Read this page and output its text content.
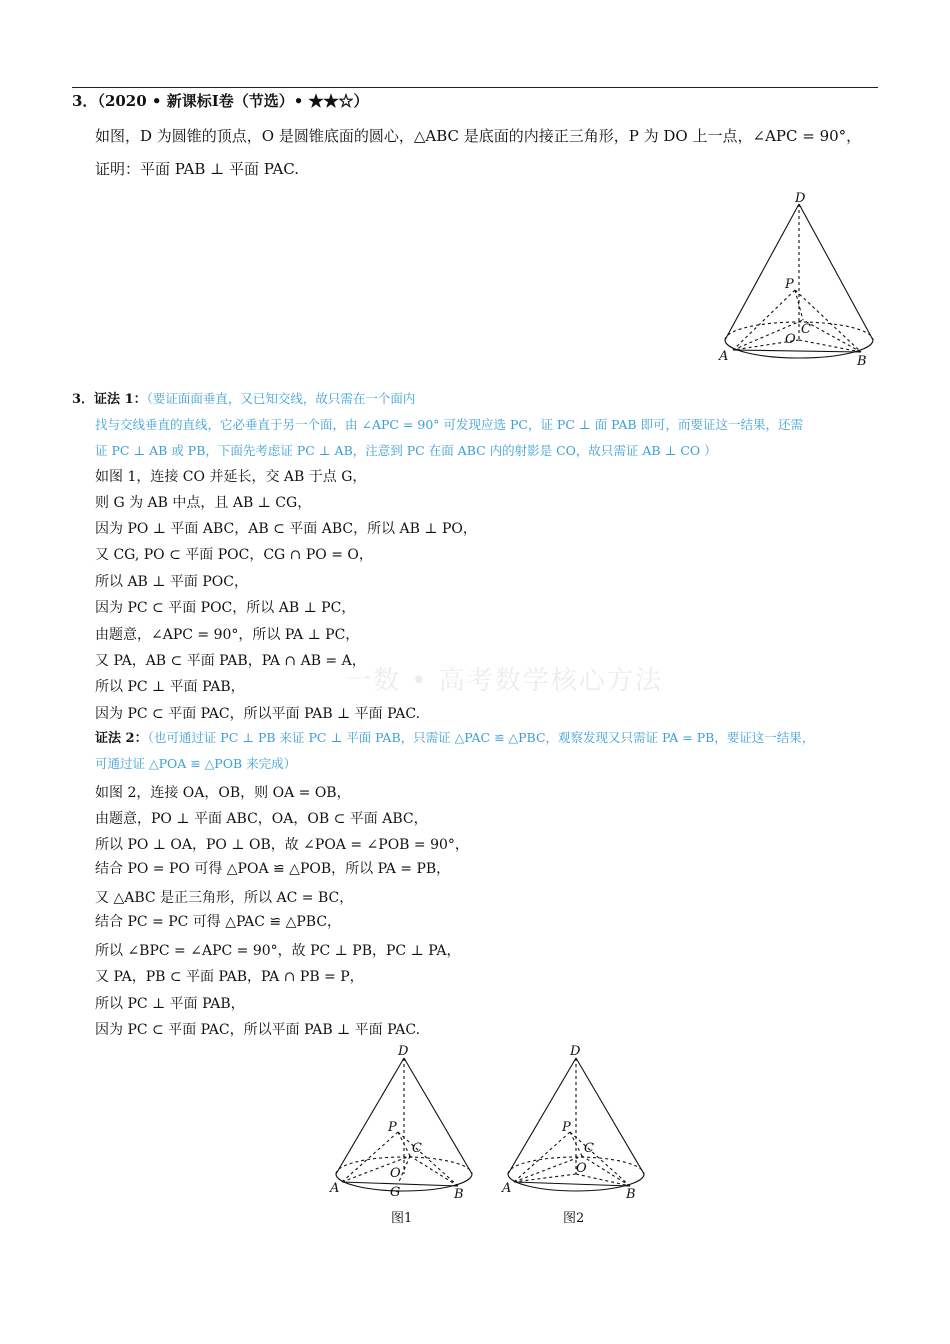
3．（2020 • 新课标Ⅰ卷（节选）• ★★☆）
如图，D 为圆锥的顶点，O 是圆锥底面的圆心，△ABC 是底面的内接正三角形，P 为 DO 上一点，∠APC = 90°，
证明：平面 PAB ⊥ 平面 PAC.
D
P
C
O
A	B
3．证法 1：（要证面面垂直，又已知交线，故只需在一个面内
找与交线垂直的直线，它必垂直于另一个面，由 ∠APC = 90° 可发现应选 PC，证 PC ⊥ 面 PAB 即可，而要证这一结果，还需
证 PC ⊥ AB 或 PB，下面先考虑证 PC ⊥ AB，注意到 PC 在面 ABC 内的射影是 CO，故只需证 AB ⊥ CO ）
如图 1，连接 CO 并延长，交 AB 于点 G，
则 G 为 AB 中点，且 AB ⊥ CG，
因为 PO ⊥ 平面 ABC，AB ⊂ 平面 ABC，所以 AB ⊥ PO，
又 CG, PO ⊂ 平面 POC，CG ∩ PO = O，
所以 AB ⊥ 平面 POC，
因为 PC ⊂ 平面 POC，所以 AB ⊥ PC，
由题意，∠APC = 90°，所以 PA ⊥ PC，
又 PA，AB ⊂ 平面 PAB，PA ∩ AB = A，
所以 PC ⊥ 平面 PAB，
因为 PC ⊂ 平面 PAC，所以平面 PAB ⊥ 平面 PAC.
一数 • 高考数学核心方法
证法 2：（也可通过证 PC ⊥ PB 来证 PC ⊥ 平面 PAB，只需证 △PAC ≌ △PBC，观察发现又只需证 PA = PB，要证这一结果，
可通过证 △POA ≌ △POB 来完成）
如图 2，连接 OA，OB，则 OA = OB，
由题意，PO ⊥ 平面 ABC，OA，OB ⊂ 平面 ABC，
所以 PO ⊥ OA，PO ⊥ OB，故 ∠POA = ∠POB = 90°，
结合 PO = PO 可得 △POA ≌ △POB，所以 PA = PB，
又 △ABC 是正三角形，所以 AC = BC，
结合 PC = PC 可得 △PAC ≌ △PBC，
所以 ∠BPC = ∠APC = 90°，故 PC ⊥ PB，PC ⊥ PA，
又 PA，PB ⊂ 平面 PAB，PA ∩ PB = P，
所以 PC ⊥ 平面 PAB，
因为 PC ⊂ 平面 PAC，所以平面 PAB ⊥ 平面 PAC.
D
P
C
O
A	B
G
图1
D
P
C
O
A	B
图2
